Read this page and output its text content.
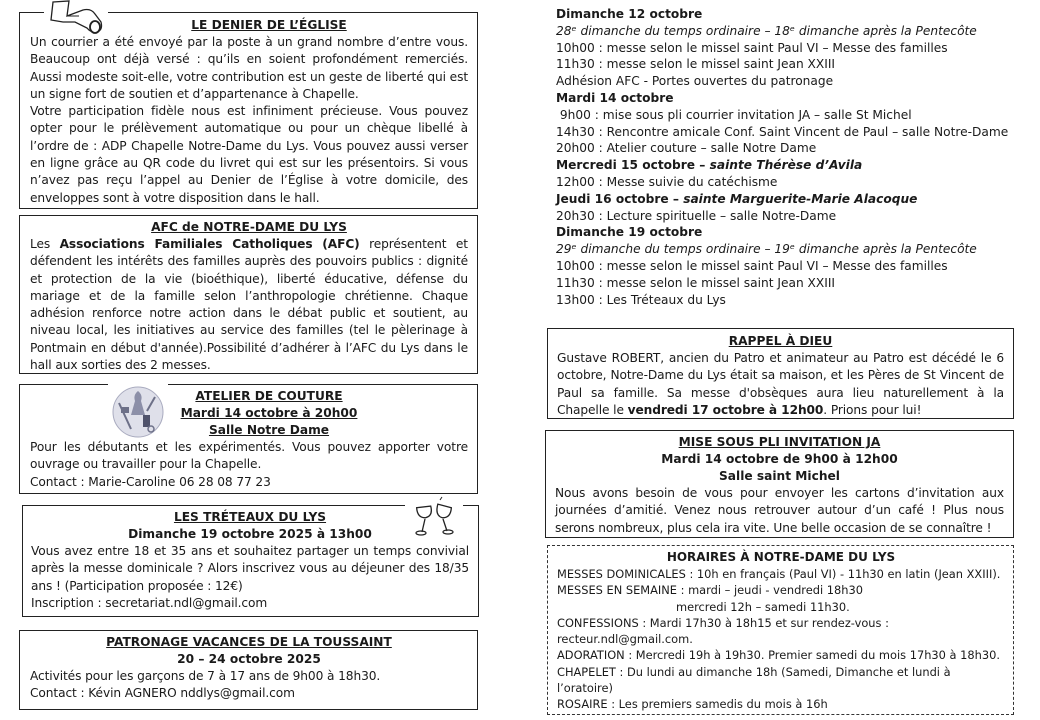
LE DENIER DE L’ÉGLISE
Un courrier a été envoyé par la poste à un grand nombre d’entre vous. Beaucoup ont déjà versé : qu’ils en soient profondément remerciés. Aussi modeste soit-elle, votre contribution est un geste de liberté qui est un signe fort de soutien et d’appartenance à Chapelle.
Votre participation fidèle nous est infiniment précieuse. Vous pouvez opter pour le prélèvement automatique ou pour un chèque libellé à l’ordre de : ADP Chapelle Notre-Dame du Lys. Vous pouvez aussi verser en ligne grâce au QR code du livret qui est sur les présentoirs. Si vous n’avez pas reçu l’appel au Denier de l’Église à votre domicile, des enveloppes sont à votre disposition dans le hall.
AFC de NOTRE-DAME DU LYS
Les Associations Familiales Catholiques (AFC) représentent et défendent les intérêts des familles auprès des pouvoirs publics : dignité et protection de la vie (bioéthique), liberté éducative, défense du mariage et de la famille selon l’anthropologie chrétienne. Chaque adhésion renforce notre action dans le débat public et soutient, au niveau local, les initiatives au service des familles (tel le pèlerinage à Pontmain en début d'année).Possibilité d’adhérer à l’AFC du Lys dans le hall aux sorties des 2 messes.
ATELIER DE COUTURE
Mardi 14 octobre à 20h00
Salle Notre Dame
Pour les débutants et les expérimentés. Vous pouvez apporter votre ouvrage ou travailler pour la Chapelle.
Contact : Marie-Caroline 06 28 08 77 23
LES TRÉTEAUX DU LYS
Dimanche 19 octobre 2025 à 13h00
Vous avez entre 18 et 35 ans et souhaitez partager un temps convivial après la messe dominicale ? Alors inscrivez vous au déjeuner des 18/35 ans ! (Participation proposée : 12€)
Inscription : secretariat.ndl@gmail.com
PATRONAGE VACANCES DE LA TOUSSAINT
20 – 24 octobre 2025
Activités pour les garçons de 7 à 17 ans de 9h00 à 18h30.
Contact : Kévin AGNERO nddlys@gmail.com
Dimanche 12 octobre
28ᵉ dimanche du temps ordinaire – 18ᵉ dimanche après la Pentecôte
10h00 : messe selon le missel saint Paul VI – Messe des familles
11h30 : messe selon le missel saint Jean XXIII
Adhésion AFC - Portes ouvertes du patronage
Mardi 14 octobre
9h00 : mise sous pli courrier invitation JA – salle St Michel
14h30 : Rencontre amicale Conf. Saint Vincent de Paul – salle Notre-Dame
20h00 : Atelier couture – salle Notre Dame
Mercredi 15 octobre – sainte Thérèse d’Avila
12h00 : Messe suivie du catéchisme
Jeudi 16 octobre – sainte Marguerite-Marie Alacoque
20h30 : Lecture spirituelle – salle Notre-Dame
Dimanche 19 octobre
29ᵉ dimanche du temps ordinaire – 19ᵉ dimanche après la Pentecôte
10h00 : messe selon le missel saint Paul VI – Messe des familles
11h30 : messe selon le missel saint Jean XXIII
13h00 : Les Tréteaux du Lys
RAPPEL À DIEU
Gustave ROBERT, ancien du Patro et animateur au Patro est décédé le 6 octobre, Notre-Dame du Lys était sa maison, et les Pères de St Vincent de Paul sa famille. Sa messe d'obsèques aura lieu naturellement à la Chapelle le vendredi 17 octobre à 12h00. Prions pour lui!
MISE SOUS PLI INVITATION JA
Mardi 14 octobre de 9h00 à 12h00
Salle saint Michel
Nous avons besoin de vous pour envoyer les cartons d’invitation aux journées d’amitié. Venez nous retrouver autour d’un café ! Plus nous serons nombreux, plus cela ira vite. Une belle occasion de se connaître !
HORAIRES À NOTRE-DAME DU LYS
MESSES DOMINICALES : 10h en français (Paul VI) - 11h30 en latin (Jean XXIII).
MESSES EN SEMAINE : mardi – jeudi - vendredi 18h30
mercredi 12h – samedi 11h30.
CONFESSIONS : Mardi 17h30 à 18h15 et sur rendez-vous :
recteur.ndl@gmail.com.
ADORATION : Mercredi 19h à 19h30. Premier samedi du mois 17h30 à 18h30.
CHAPELET : Du lundi au dimanche 18h (Samedi, Dimanche et lundi à
l’oratoire)
ROSAIRE : Les premiers samedis du mois à 16h
